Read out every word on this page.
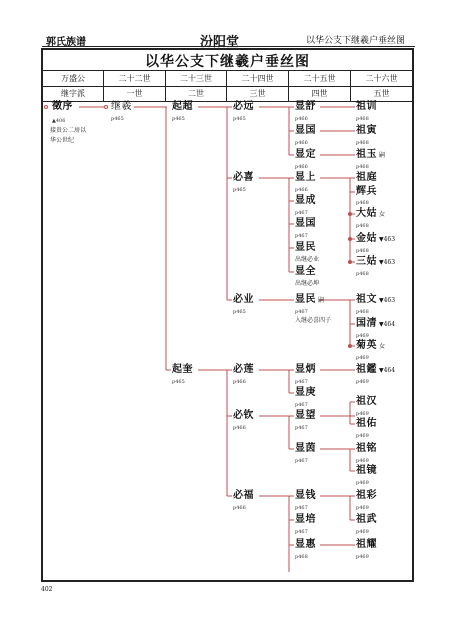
郭氏族谱	汾阳堂	以华公支下继羲户垂丝图
以华公支下继羲户垂丝图
万盛公	二十二世	二十三世	二十四世	二十五世	二十六世
继字派	一世	二世	三世	四世	五世
徵序
▲406
接贵公二房以
华公世纪
继羲
p465
起超
p465
起奎
p465
必远
p465
必喜
p465
必业
p465
必莲
p466
必钦
p466
必福
p466
显舒
p466
显国
p466
显定
p466
显上
p466
显成
p467
显国
p467
显民
出继必业
显全
出继必坤
显民 嗣
p467
入继必喜四子
显炳
p467
显庚
p467
显望
p467
显茵
p467
显钱
p467
显培
p467
显惠
p468
祖训
p468
祖寅
p468
祖玉 嗣
p468
祖庭
辉兵
p468
大姑 女
p468
金姑 ▼463
p468
三姑 ▼463
p468
祖文 ▼463
p468
国清 ▼464
p469
菊英 女
p469
祖鑑 ▼464
p469
祖汉
p469
祖佑
p469
祖铭
p469
祖镜
p469
祖彩
p469
祖武
p469
祖耀
p469
402
